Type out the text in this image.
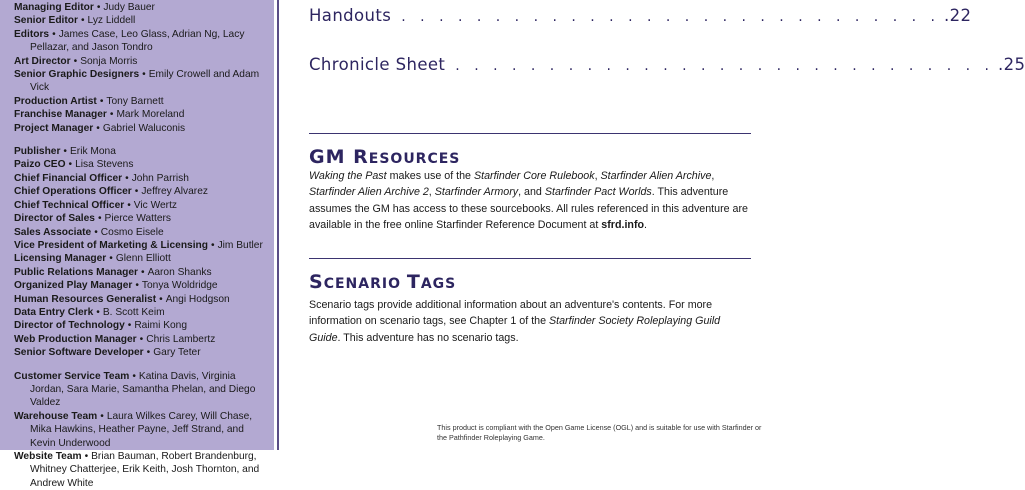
Managing Editor • Judy Bauer
Senior Editor • Lyz Liddell
Editors • James Case, Leo Glass, Adrian Ng, Lacy Pellazar, and Jason Tondro
Art Director • Sonja Morris
Senior Graphic Designers • Emily Crowell and Adam Vick
Production Artist • Tony Barnett
Franchise Manager • Mark Moreland
Project Manager • Gabriel Waluconis
Publisher • Erik Mona
Paizo CEO • Lisa Stevens
Chief Financial Officer • John Parrish
Chief Operations Officer • Jeffrey Alvarez
Chief Technical Officer • Vic Wertz
Director of Sales • Pierce Watters
Sales Associate • Cosmo Eisele
Vice President of Marketing & Licensing • Jim Butler
Licensing Manager • Glenn Elliott
Public Relations Manager • Aaron Shanks
Organized Play Manager • Tonya Woldridge
Human Resources Generalist • Angi Hodgson
Data Entry Clerk • B. Scott Keim
Director of Technology • Raimi Kong
Web Production Manager • Chris Lambertz
Senior Software Developer • Gary Teter
Customer Service Team • Katina Davis, Virginia Jordan, Sara Marie, Samantha Phelan, and Diego Valdez
Warehouse Team • Laura Wilkes Carey, Will Chase, Mika Hawkins, Heather Payne, Jeff Strand, and Kevin Underwood
Website Team • Brian Bauman, Robert Brandenburg, Whitney Chatterjee, Erik Keith, Josh Thornton, and Andrew White
Handouts . . . . . . . . . . . . . . . . . . . . . . . . . . . . . .22
Chronicle Sheet . . . . . . . . . . . . . . . . . . . . . . . . . . . . . .25
GM RESOURCES

Waking the Past makes use of the Starfinder Core Rulebook, Starfinder Alien Archive, Starfinder Alien Archive 2, Starfinder Armory, and Starfinder Pact Worlds. This adventure assumes the GM has access to these sourcebooks. All rules referenced in this adventure are available in the free online Starfinder Reference Document at sfrd.info.

SCENARIO TAGS

Scenario tags provide additional information about an adventure's contents. For more information on scenario tags, see Chapter 1 of the Starfinder Society Roleplaying Guild Guide. This adventure has no scenario tags.

This product is compliant with the Open Game License (OGL) and is suitable for use with Starfinder or the Pathfinder Roleplaying Game.
